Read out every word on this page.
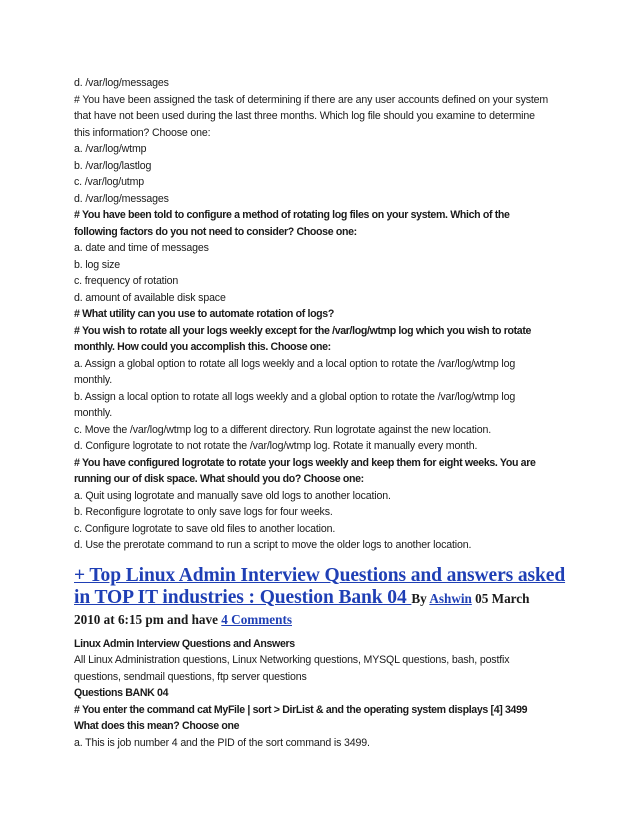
d. /var/log/messages
# You have been assigned the task of determining if there are any user accounts defined on your system
that have not been used during the last three months. Which log file should you examine to determine
this information? Choose one:
a. /var/log/wtmp
b. /var/log/lastlog
c. /var/log/utmp
d. /var/log/messages
# You have been told to configure a method of rotating log files on your system. Which of the
following factors do you not need to consider? Choose one:
a. date and time of messages
b. log size
c. frequency of rotation
d. amount of available disk space
# What utility can you use to automate rotation of logs?
# You wish to rotate all your logs weekly except for the /var/log/wtmp log which you wish to rotate
monthly. How could you accomplish this. Choose one:
a. Assign a global option to rotate all logs weekly and a local option to rotate the /var/log/wtmp log
monthly.
b. Assign a local option to rotate all logs weekly and a global option to rotate the /var/log/wtmp log
monthly.
c. Move the /var/log/wtmp log to a different directory. Run logrotate against the new location.
d. Configure logrotate to not rotate the /var/log/wtmp log. Rotate it manually every month.
# You have configured logrotate to rotate your logs weekly and keep them for eight weeks. You are
running our of disk space. What should you do? Choose one:
a. Quit using logrotate and manually save old logs to another location.
b. Reconfigure logrotate to only save logs for four weeks.
c. Configure logrotate to save old files to another location.
d. Use the prerotate command to run a script to move the older logs to another location.
+ Top Linux Admin Interview Questions and answers asked
in TOP IT industries : Question Bank 04 By Ashwin 05 March
2010 at 6:15 pm and have 4 Comments
Linux Admin Interview Questions and Answers
All Linux Administration questions, Linux Networking questions, MYSQL questions, bash, postfix
questions, sendmail questions, ftp server questions
Questions BANK 04
# You enter the command cat MyFile | sort > DirList & and the operating system displays [4] 3499
What does this mean? Choose one
a. This is job number 4 and the PID of the sort command is 3499.
